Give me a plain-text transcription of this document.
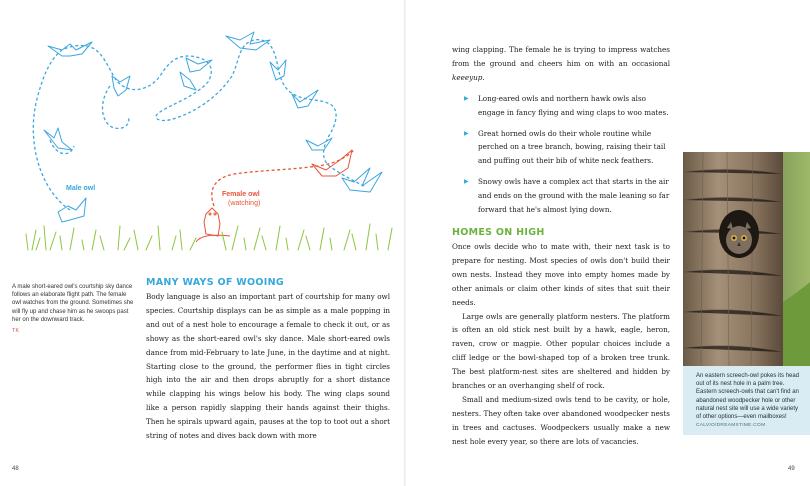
Male owl
Female owl
(watching)
A male short-eared owl's courtship sky dance follows an elaborate flight path. The female owl watches from the ground. Sometimes she will fly up and chase him as he swoops past her on the downward track.
TK
MANY WAYS OF WOOING

Body language is also an important part of courtship for many owl species. Courtship displays can be as simple as a male popping in and out of a nest hole to encourage a female to check it out, or as showy as the short-eared owl's sky dance. Male short-eared owls dance from mid-February to late June, in the daytime and at night. Starting close to the ground, the performer flies in tight circles high into the air and then drops abruptly for a short distance while clapping his wings below his body. The wing claps sound like a person rapidly slapping their hands against their thighs. Then he spirals upward again, pauses at the top to toot out a short string of notes and dives back down with more

wing clapping. The female he is trying to impress watches from the ground and cheers him on with an occasional keeeyup.

▶ Long-eared owls and northern hawk owls also engage in fancy flying and wing claps to woo mates.
▶ Great horned owls do their whole routine while perched on a tree branch, bowing, raising their tail and puffing out their bib of white neck feathers.
▶ Snowy owls have a complex act that starts in the air and ends on the ground with the male leaning so far forward that he's almost lying down.
HOMES ON HIGH

Once owls decide who to mate with, their next task is to prepare for nesting. Most species of owls don't build their own nests. Instead they move into empty homes made by other animals or claim other kinds of sites that suit their needs.

Large owls are generally platform nesters. The platform is often an old stick nest built by a hawk, eagle, heron, raven, crow or magpie. Other popular choices include a cliff ledge or the bowl-shaped top of a broken tree trunk. The best platform-nest sites are sheltered and hidden by branches or an overhanging shelf of rock.

Small and medium-sized owls tend to be cavity, or hole, nesters. They often take over abandoned woodpecker nests in trees and cactuses. Woodpeckers usually make a new nest hole every year, so there are lots of vacancies.

An eastern screech-owl pokes its head out of its nest hole in a palm tree. Eastern screech-owls that can't find an abandoned woodpecker hole or other natural nest site will use a wide variety of other options—even mailboxes!
CALVIO/DREAMSTIME.COM
48	49
